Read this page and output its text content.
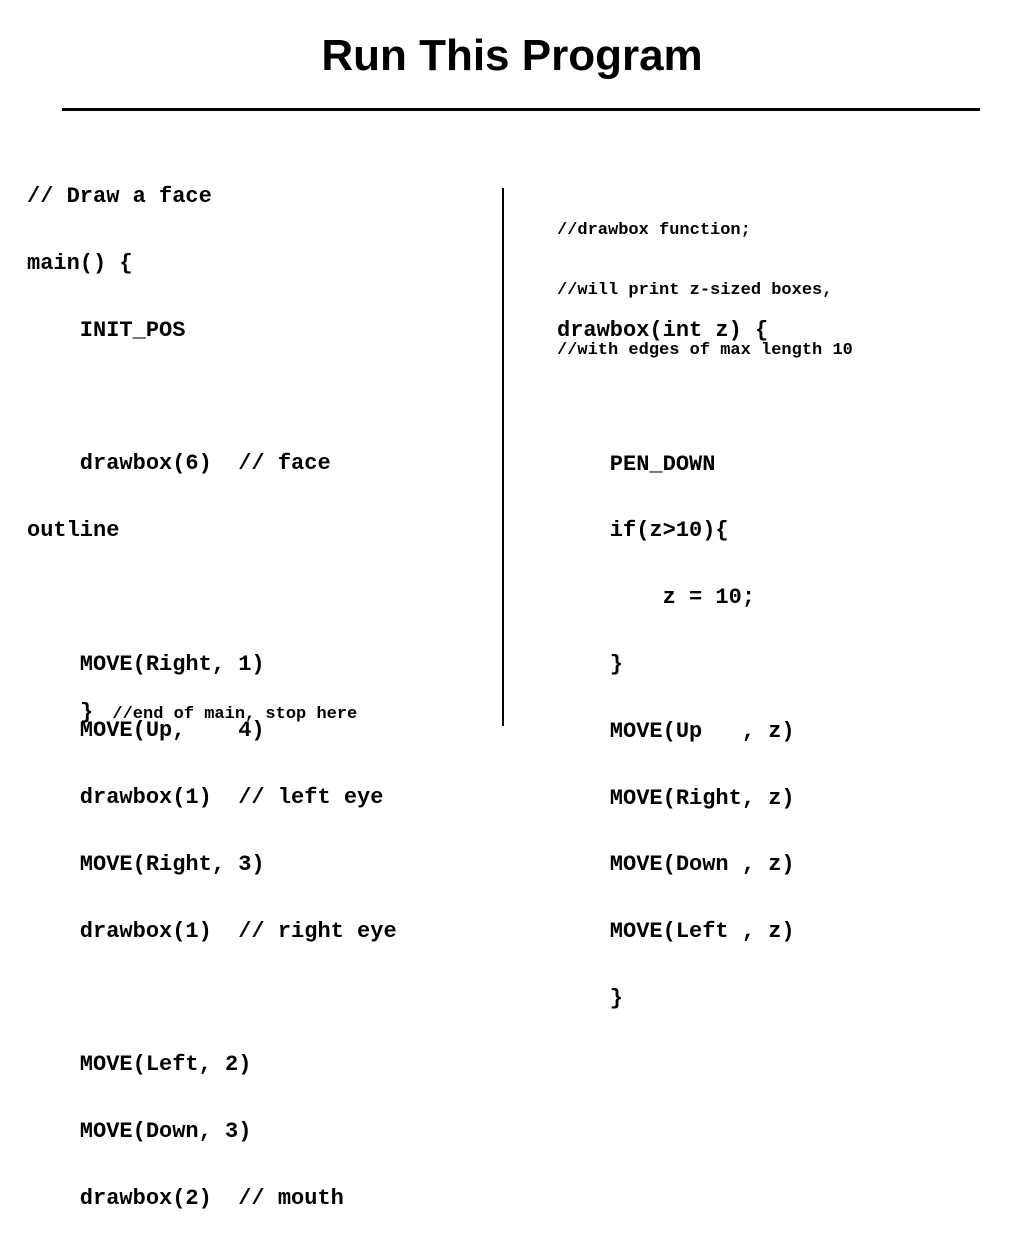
Run This Program

// Draw a face

main() {

INIT_POS

drawbox(6)  // face

outline

MOVE(Right, 1)

MOVE(Up,    4)

drawbox(1)  // left eye

MOVE(Right, 3)

drawbox(1)  // right eye

MOVE(Left, 2)

MOVE(Down, 3)

drawbox(2)  // mouth

} //end of main, stop here

//drawbox function;

//will print z-sized boxes,

//with edges of max length 10

drawbox(int z) {

PEN_DOWN

if(z>10){

z = 10;

}

MOVE(Up   , z)

MOVE(Right, z)

MOVE(Down , z)

MOVE(Left , z)

}
